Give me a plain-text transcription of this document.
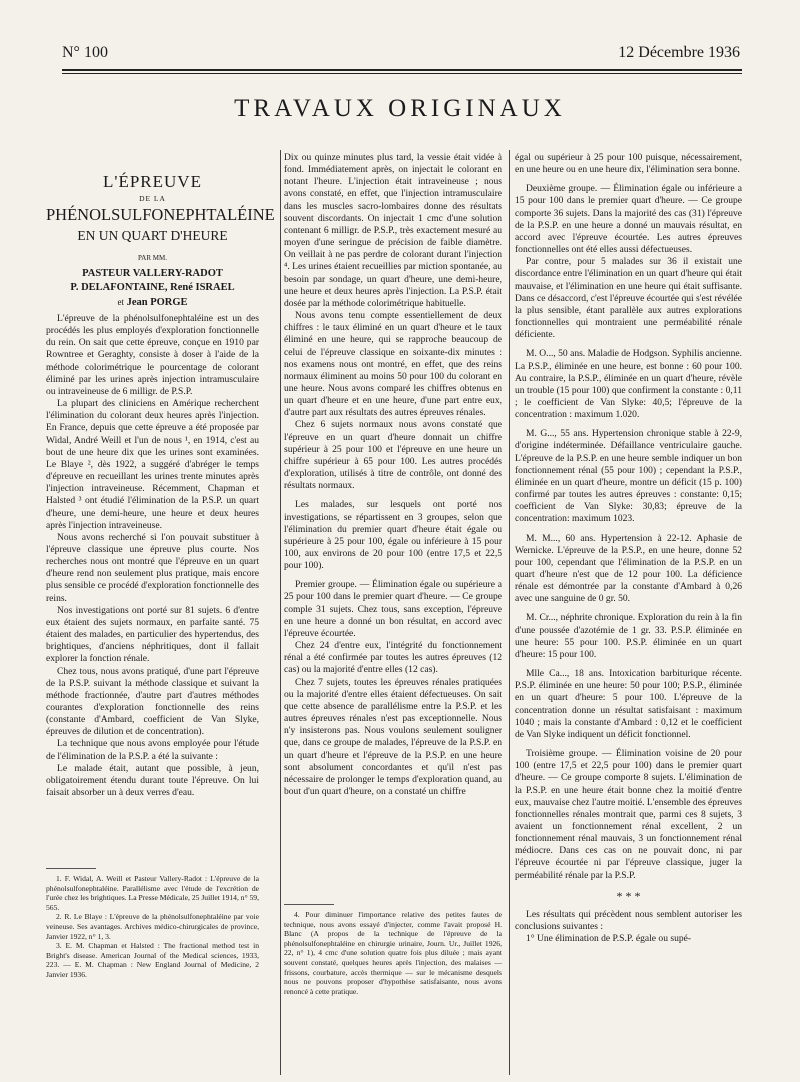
N° 100	12 Décembre 1936
TRAVAUX ORIGINAUX
L'ÉPREUVE
DE LA
PHÉNOLSULFONEPHTALÉINE
EN UN QUART D'HEURE
PAR MM.
PASTEUR VALLERY-RADOT
P. DELAFONTAINE, René ISRAEL
et Jean PORGE

L'épreuve de la phénolsulfonephtaléine est un des procédés les plus employés d'exploration fonctionnelle du rein. On sait que cette épreuve, conçue en 1910 par Rowntree et Geraghty, consiste à doser à l'aide de la méthode colorimétrique le pourcentage de colorant éliminé par les urines après injection intramusculaire ou intraveineuse de 6 milligr. de P.S.P.

La plupart des cliniciens en Amérique recherchent l'élimination du colorant deux heures après l'injection. En France, depuis que cette épreuve a été proposée par Widal, André Weill et l'un de nous ¹, en 1914, c'est au bout de une heure dix que les urines sont examinées. Le Blaye ², dès 1922, a suggéré d'abréger le temps d'épreuve en recueillant les urines trente minutes après l'injection intraveineuse. Récemment, Chapman et Halsted ³ ont étudié l'élimination de la P.S.P. un quart d'heure, une demi-heure, une heure et deux heures après l'injection intraveineuse.

Nous avons recherché si l'on pouvait substituer à l'épreuve classique une épreuve plus courte. Nos recherches nous ont montré que l'épreuve en un quart d'heure rend non seulement plus pratique, mais encore plus sensible ce procédé d'exploration fonctionnelle des reins.

Nos investigations ont porté sur 81 sujets. 6 d'entre eux étaient des sujets normaux, en parfaite santé. 75 étaient des malades, en particulier des hypertendus, des brightiques, d'anciens néphritiques, dont il fallait explorer la fonction rénale.

Chez tous, nous avons pratiqué, d'une part l'épreuve de la P.S.P. suivant la méthode classique et suivant la méthode fractionnée, d'autre part d'autres méthodes courantes d'exploration fonctionnelle des reins (constante d'Ambard, coefficient de Van Slyke, épreuves de dilution et de concentration).

La technique que nous avons employée pour l'étude de l'élimination de la P.S.P. a été la suivante :

Le malade était, autant que possible, à jeun, obligatoirement étendu durant toute l'épreuve. On lui faisait absorber un à deux verres d'eau.

1. F. Widal, A. Weill et Pasteur Vallery-Radot : L'épreuve de la phénolsulfonephtaléine. Parallélisme avec l'étude de l'excrétion de l'urée chez les brightiques. La Presse Médicale, 25 Juillet 1914, n° 59, 565.

2. R. Le Blaye : L'épreuve de la phénolsulfonephtaléine par voie veineuse. Ses avantages. Archives médico-chirurgicales de province, Janvier 1922, n° 1, 3.

3. E. M. Chapman et Halsted : The fractional method test in Bright's disease. American Journal of the Medical sciences, 1933, 223. — E. M. Chapman : New England Journal of Medicine, 2 Janvier 1936.

Dix ou quinze minutes plus tard, la vessie était vidée à fond. Immédiatement après, on injectait le colorant en notant l'heure. L'injection était intraveineuse ; nous avons constaté, en effet, que l'injection intramusculaire dans les muscles sacro-lombaires donne des résultats souvent discordants. On injectait 1 cmc d'une solution contenant 6 milligr. de P.S.P., très exactement mesuré au moyen d'une seringue de précision de faible diamètre. On veillait à ne pas perdre de colorant durant l'injection ⁴. Les urines étaient recueillies par miction spontanée, au besoin par sondage, un quart d'heure, une demi-heure, une heure et deux heures après l'injection. La P.S.P. était dosée par la méthode colorimétrique habituelle.

Nous avons tenu compte essentiellement de deux chiffres : le taux éliminé en un quart d'heure et le taux éliminé en une heure, qui se rapproche beaucoup de celui de l'épreuve classique en soixante-dix minutes : nos examens nous ont montré, en effet, que des reins normaux éliminent au moins 50 pour 100 du colorant en une heure. Nous avons comparé les chiffres obtenus en un quart d'heure et en une heure, d'une part entre eux, d'autre part aux résultats des autres épreuves rénales.

Chez 6 sujets normaux nous avons constaté que l'épreuve en un quart d'heure donnait un chiffre supérieur à 25 pour 100 et l'épreuve en une heure un chiffre supérieur à 65 pour 100. Les autres procédés d'exploration, utilisés à titre de contrôle, ont donné des résultats normaux.

Les malades, sur lesquels ont porté nos investigations, se répartissent en 3 groupes, selon que l'élimination du premier quart d'heure était égale ou supérieure à 25 pour 100, égale ou inférieure à 15 pour 100, aux environs de 20 pour 100 (entre 17,5 et 22,5 pour 100).

Premier groupe. — Élimination égale ou supérieure a 25 pour 100 dans le premier quart d'heure. — Ce groupe comple 31 sujets. Chez tous, sans exception, l'épreuve en une heure a donné un bon résultat, en accord avec l'épreuve écourtée.

Chez 24 d'entre eux, l'intégrité du fonctionnement rénal a été confirmée par toutes les autres épreuves (12 cas) ou la majorité d'entre elles (12 cas).

Chez 7 sujets, toutes les épreuves rénales pratiquées ou la majorité d'entre elles étaient défectueuses. On sait que cette absence de parallélisme entre la P.S.P. et les autres épreuves rénales n'est pas exceptionnelle. Nous n'y insisterons pas. Nous voulons seulement souligner que, dans ce groupe de malades, l'épreuve de la P.S.P. en un quart d'heure et l'épreuve de la P.S.P. en une heure sont absolument concordantes et qu'il n'est pas nécessaire de prolonger le temps d'exploration quand, au bout d'un quart d'heure, on a constaté un chiffre

4. Pour diminuer l'importance relative des petites fautes de technique, nous avons essayé d'injecter, comme l'avait proposé H. Blanc (A propos de la technique de l'épreuve de la phénolsulfonephtaléine en chirurgie urinaire, Journ. Ur., Juillet 1926, 22, n° 1), 4 cmc d'une solution quatre fois plus diluée ; mais ayant souvent constaté, quelques heures après l'injection, des malaises — frissons, courbature, accès thermique — sur le mécanisme desquels nous ne pouvons proposer d'hypothèse satisfaisante, nous avons renoncé à cette pratique.

égal ou supérieur à 25 pour 100 puisque, nécessairement, en une heure ou en une heure dix, l'élimination sera bonne.

Deuxième groupe. — Élimination égale ou inférieure a 15 pour 100 dans le premier quart d'heure. — Ce groupe comporte 36 sujets. Dans la majorité des cas (31) l'épreuve de la P.S.P. en une heure a donné un mauvais résultat, en accord avec l'épreuve écourtée. Les autres épreuves fonctionnelles ont été elles aussi défectueuses.

Par contre, pour 5 malades sur 36 il existait une discordance entre l'élimination en un quart d'heure qui était mauvaise, et l'élimination en une heure qui était suffisante. Dans ce désaccord, c'est l'épreuve écourtée qui s'est révélée la plus sensible, étant parallèle aux autres explorations fonctionnelles qui montraient une perméabilité rénale déficiente.

M. O..., 50 ans. Maladie de Hodgson. Syphilis ancienne. La P.S.P., éliminée en une heure, est bonne : 60 pour 100. Au contraire, la P.S.P., éliminée en un quart d'heure, révèle un trouble (15 pour 100) que confirment la constante : 0,11 ; le coefficient de Van Slyke: 40,5; l'épreuve de la concentration : maximum 1.020.

M. G..., 55 ans. Hypertension chronique stable à 22-9, d'origine indéterminée. Défaillance ventriculaire gauche. L'épreuve de la P.S.P. en une heure semble indiquer un bon fonctionnement rénal (55 pour 100) ; cependant la P.S.P., éliminée en un quart d'heure, montre un déficit (15 p. 100) confirmé par toutes les autres épreuves : constante: 0,15; coefficient de Van Slyke: 30,83; épreuve de la concentration: maximum 1023.

M. M..., 60 ans. Hypertension à 22-12. Aphasie de Wernicke. L'épreuve de la P.S.P., en une heure, donne 52 pour 100, cependant que l'élimination de la P.S.P. en un quart d'heure n'est que de 12 pour 100. La déficience rénale est démontrée par la constante d'Ambard à 0,26 avec une sanguine de 0 gr. 50.

M. Cr..., néphrite chronique. Exploration du rein à la fin d'une poussée d'azotémie de 1 gr. 33. P.S.P. éliminée en une heure: 55 pour 100. P.S.P. éliminée en un quart d'heure: 15 pour 100.

Mlle Ca..., 18 ans. Intoxication barbiturique récente. P.S.P. éliminée en une heure: 50 pour 100; P.S.P., éliminée en un quart d'heure: 5 pour 100. L'épreuve de la concentration donne un résultat satisfaisant : maximum 1040 ; mais la constante d'Ambard : 0,12 et le coefficient de Van Slyke indiquent un déficit fonctionnel.

Troisième groupe. — Élimination voisine de 20 pour 100 (entre 17,5 et 22,5 pour 100) dans le premier quart d'heure. — Ce groupe comporte 8 sujets. L'élimination de la P.S.P. en une heure était bonne chez la moitié d'entre eux, mauvaise chez l'autre moitié. L'ensemble des épreuves fonctionnelles rénales montrait que, parmi ces 8 sujets, 3 avaient un fonctionnement rénal excellent, 2 un fonctionnement rénal mauvais, 3 un fonctionnement rénal médiocre. Dans ces cas on ne pouvait donc, ni par l'épreuve écourtée ni par l'épreuve classique, juger la perméabilité rénale par la P.S.P.

* * *

Les résultats qui précèdent nous semblent autoriser les conclusions suivantes :

1° Une élimination de P.S.P. égale ou supé-
